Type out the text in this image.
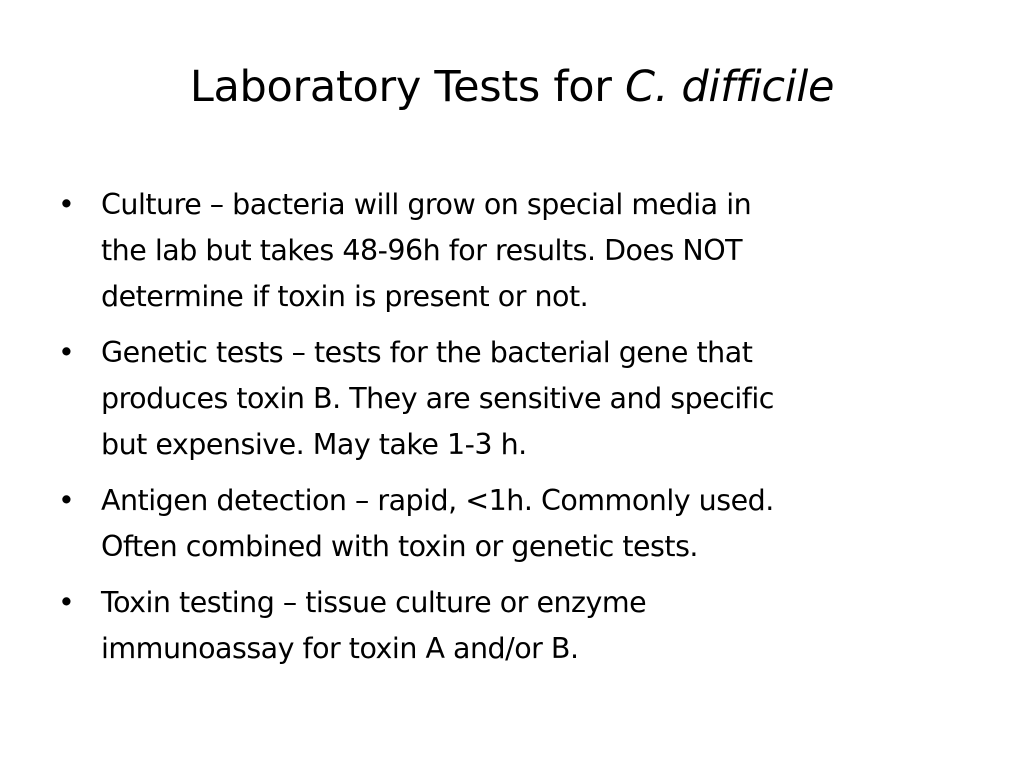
Laboratory Tests for C. difficile
• Culture – bacteria will grow on special media in
the lab but takes 48-96h for results. Does NOT
determine if toxin is present or not.
• Genetic tests – tests for the bacterial gene that
produces toxin B. They are sensitive and specific
but expensive. May take 1-3 h.
• Antigen detection – rapid, <1h. Commonly used.
Often combined with toxin or genetic tests.
• Toxin testing – tissue culture or enzyme
immunoassay for toxin A and/or B.
